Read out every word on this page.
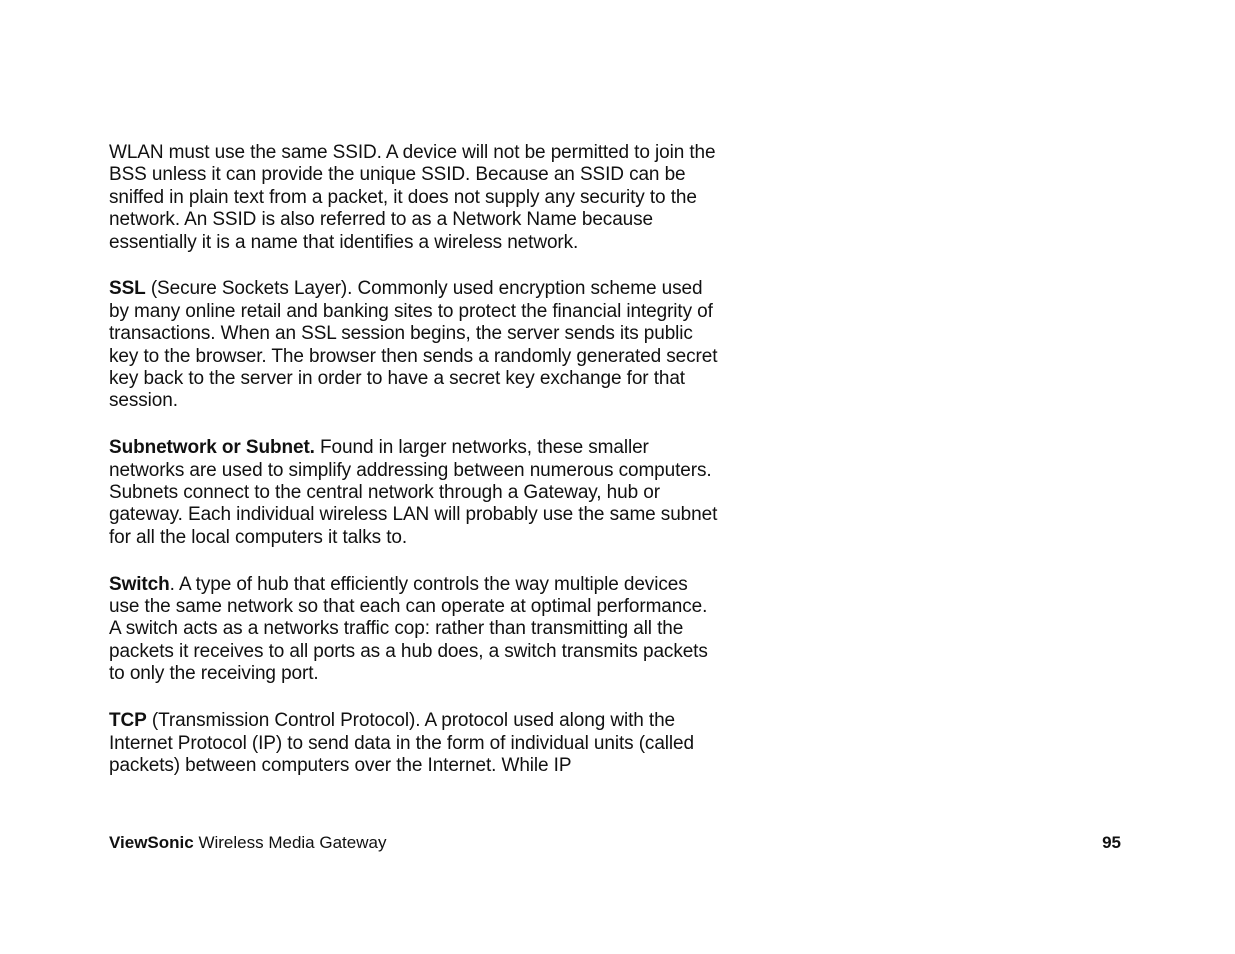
WLAN must use the same SSID. A device will not be permitted to join the BSS unless it can provide the unique SSID. Because an SSID can be sniffed in plain text from a packet, it does not supply any security to the network. An SSID is also referred to as a Network Name because essentially it is a name that identifies a wireless network.

SSL (Secure Sockets Layer). Commonly used encryption scheme used by many online retail and banking sites to protect the financial integrity of transactions. When an SSL session begins, the server sends its public key to the browser. The browser then sends a randomly generated secret key back to the server in order to have a secret key exchange for that session.

Subnetwork or Subnet. Found in larger networks, these smaller networks are used to simplify addressing between numerous computers. Subnets connect to the central network through a Gateway, hub or gateway. Each individual wireless LAN will probably use the same subnet for all the local computers it talks to.

Switch. A type of hub that efficiently controls the way multiple devices use the same network so that each can operate at optimal performance. A switch acts as a networks traffic cop: rather than transmitting all the packets it receives to all ports as a hub does, a switch transmits packets to only the receiving port.

TCP (Transmission Control Protocol). A protocol used along with the Internet Protocol (IP) to send data in the form of individual units (called packets) between computers over the Internet. While IP

ViewSonic Wireless Media Gateway	95
